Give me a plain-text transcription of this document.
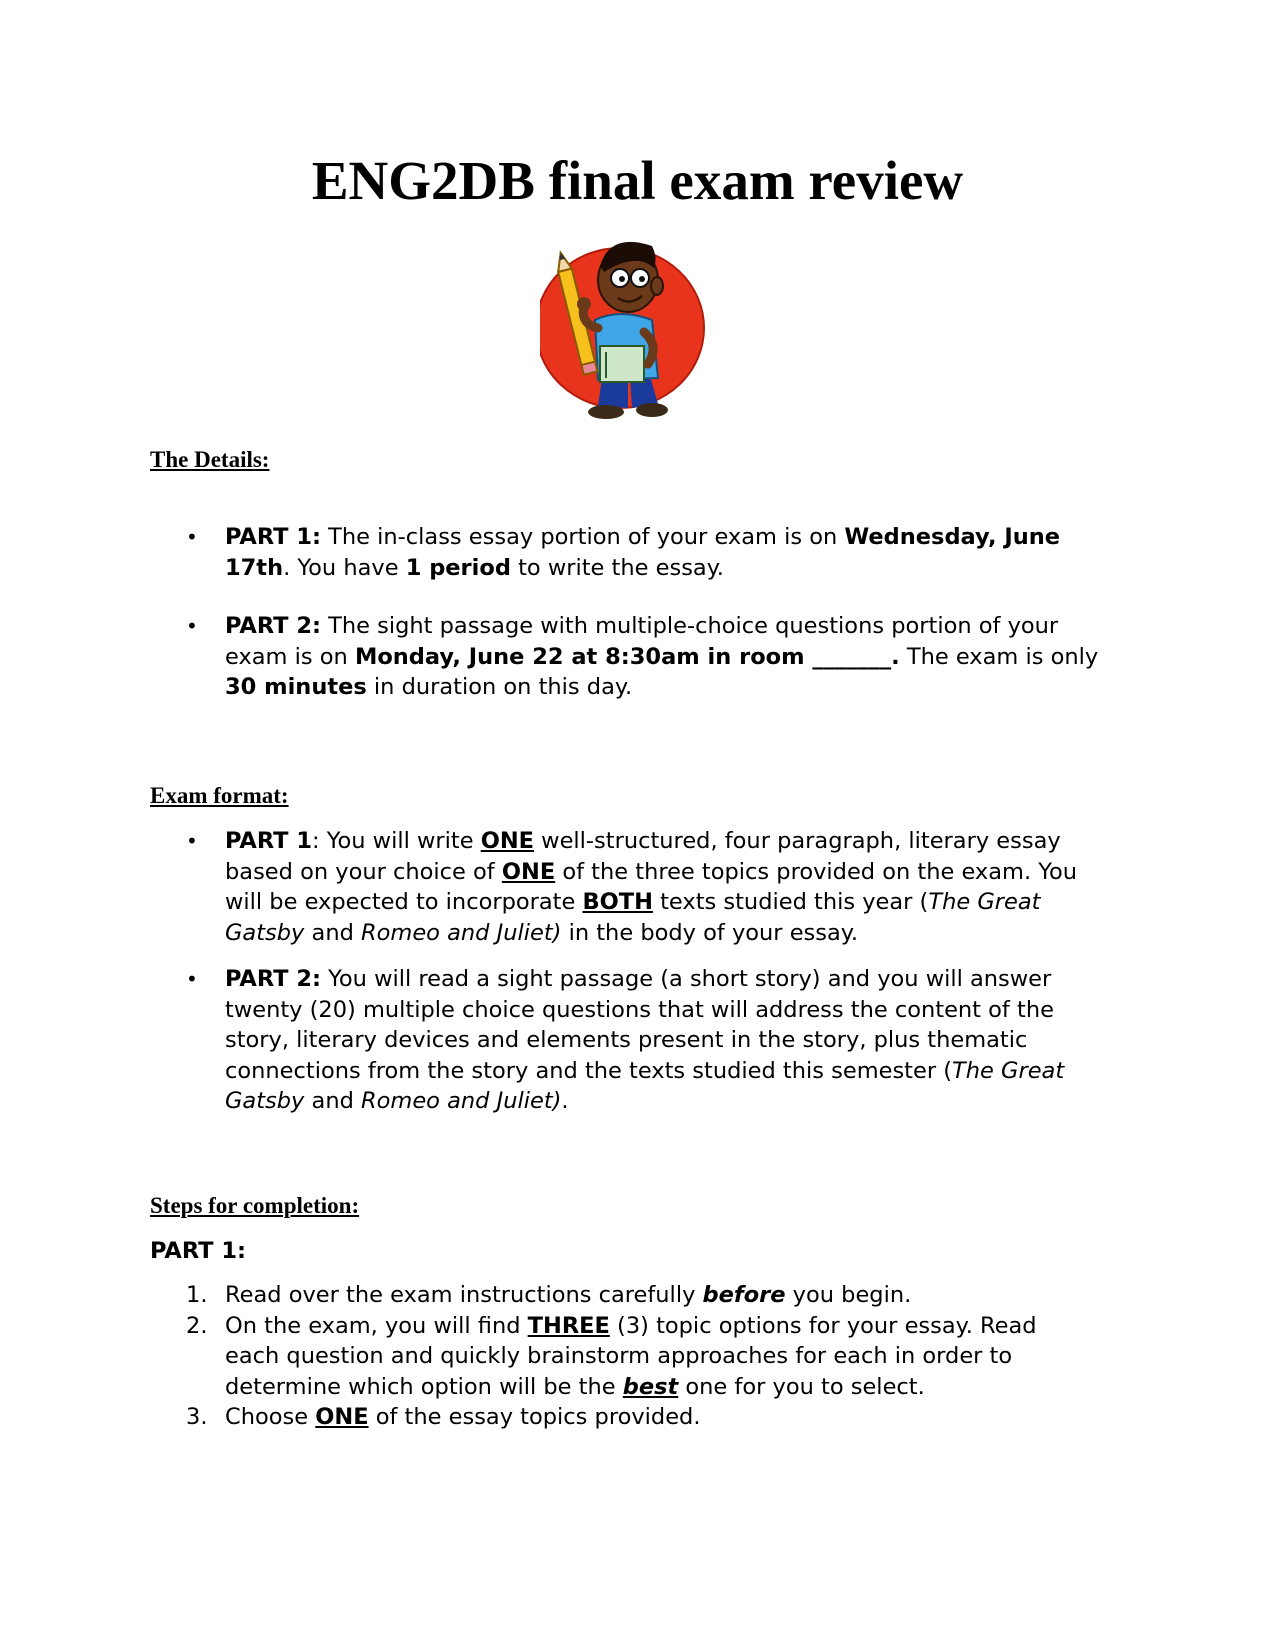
ENG2DB final exam review
The Details:
• PART 1: The in-class essay portion of your exam is on Wednesday, June 17th. You have 1 period to write the essay.
• PART 2: The sight passage with multiple-choice questions portion of your exam is on Monday, June 22 at 8:30am in room _______. The exam is only 30 minutes in duration on this day.
Exam format:
• PART 1: You will write ONE well-structured, four paragraph, literary essay based on your choice of ONE of the three topics provided on the exam. You will be expected to incorporate BOTH texts studied this year (The Great Gatsby and Romeo and Juliet) in the body of your essay.
• PART 2: You will read a sight passage (a short story) and you will answer twenty (20) multiple choice questions that will address the content of the story, literary devices and elements present in the story, plus thematic connections from the story and the texts studied this semester (The Great Gatsby and Romeo and Juliet).
Steps for completion:

PART 1:

1. Read over the exam instructions carefully before you begin.
2. On the exam, you will find THREE (3) topic options for your essay. Read each question and quickly brainstorm approaches for each in order to determine which option will be the best one for you to select.
3. Choose ONE of the essay topics provided.
